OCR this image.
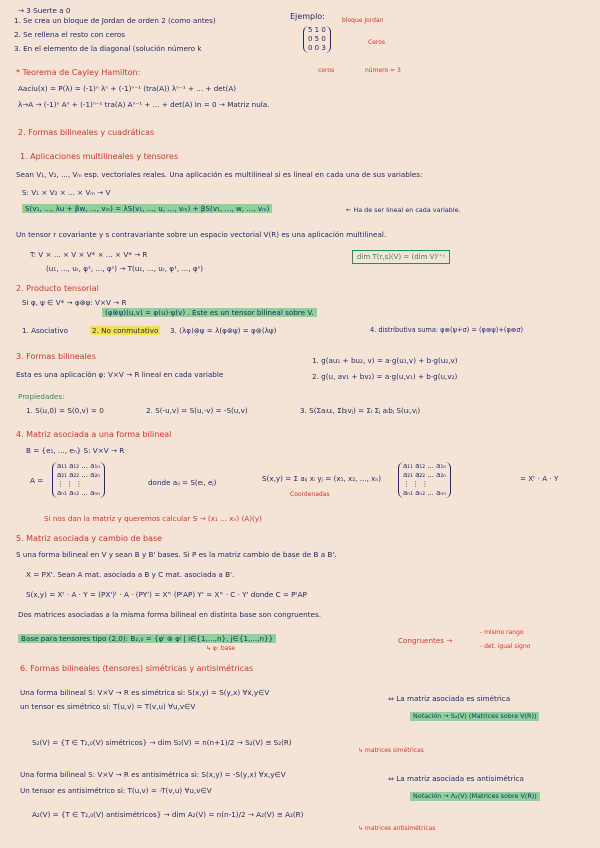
→ 3 Suerte a 0
1. Se crea un bloque de Jordan de orden 2 (como antes)
2. Se rellena el resto con ceros
3. En el elemento de la diagonal (solución número k
Ejemplo:
5 1 0
0 5 0
0 0 3
bloque Jordan
Ceros
número = 3
ceros
* Teorema de Cayley Hamilton:
Aaciu(x) = P(λ) = (-1)ⁿ λⁿ + (-1)ⁿ⁻¹ (tra(A)) λⁿ⁻¹ + ... + det(A)
λ→A → (-1)ⁿ Aⁿ + (-1)ⁿ⁻¹ tra(A) Aⁿ⁻¹ + ... + det(A) In = 0 → Matriz nula.
2. Formas bilineales y cuadráticas
1. Aplicaciones multilineales y tensores
Sean V₁, V₂, ..., Vₘ esp. vectoriales reales. Una aplicación es multilineal si es lineal en cada una de sus variables:
S: V₁ × V₂ × ... × Vₘ → V
S(v₁, ..., λu + βw, ..., vₘ) = λS(v₁, ..., u, ..., vₘ) + βS(v₁, ..., w, ..., vₘ)	← Ha de ser lineal en cada variable.
Un tensor r covariante y s contravariante sobre un espacio vectorial V(R) es una aplicación multilineal.
T: V × ... × V × V* × ... × V* → R
(u₁, ..., uᵣ, φ¹, ..., φˢ) → T(u₁, ..., uᵣ, φ¹, ..., φˢ)
dim T(r,s)(V) = (dim V)ʳ⁺ˢ
2. Producto tensorial
Si φ, ψ ∈ V* → φ⊗ψ: V×V → R
(φ⊗ψ)(u,v) = φ(u)·ψ(v) . Este es un tensor bilineal sobre V.
1. Asociativo	2. No conmutativo 3. (λφ)⊗ψ = λ(φ⊗ψ) = φ⊗(λψ)	4. distributiva suma: φ⊗(ψ+σ) = (φ⊗ψ)+(φ⊗σ)
3. Formas bilineales
Esta es una aplicación φ: V×V → R lineal en cada variable
1. g(au₁ + bu₂, v) = a·g(u₁,v) + b·g(u₂,v)
2. g(u, av₁ + bv₂) = a·g(u,v₁) + b·g(u,v₂)
Propiedades:
1. S(u,0) = S(0,v) = 0	2. S(-u,v) = S(u,-v) = -S(u,v)	3. S(Σaᵢuᵢ, Σbⱼvⱼ) = Σᵢ Σⱼ aᵢbⱼ S(uᵢ,vⱼ)
4. Matriz asociada a una forma bilineal
B = {e₁, ..., eₙ} S: V×V → R
A =
a₁₁ a₁₂ ... a₁ₙ
a₂₁ a₂₂ ... a₂ₙ
⋮ ⋮ ⋮
aₙ₁ aₙ₂ ... aₙₙ
donde aᵢⱼ = S(eᵢ, eⱼ)	S(x,y) = Σ aᵢⱼ xᵢ yⱼ = (x₁, x₂, ..., xₙ)
Coordenadas
a₁₁ a₁₂ ... a₁ₙ
a₂₁ a₂₂ ... a₂ₙ
⋮ ⋮ ⋮
aₙ₁ aₙ₂ ... aₙₙ
= Xᵗ · A · Y
Si nos dan la matriz y queremos calcular S → (x₁ ... xₙ) (A)(y)
5. Matriz asociada y cambio de base
S una forma bilineal en V y sean B y B' bases. Si P es la matriz cambio de base de B a B'.
X = PX'. Sean A mat. asociada a B y C mat. asociada a B'.
S(x,y) = Xᵗ · A · Y = (PX')ᵗ · A · (PY') = X'ᵗ (PᵗAP) Y' = X'ᵗ · C · Y' donde C = PᵗAP
Dos matrices asociadas a la misma forma bilineal en distinta base son congruentes.
Base para tensores tipo (2,0): B₂,₀ = {φⁱ ⊗ φʲ | i∈{1,...,n}, j∈{1,...,n}}
↳ φ: base
Congruentes →
- mismo rango
- det. igual signo
6. Formas bilineales (tensores) simétricas y antisimétricas
Una forma bilineal S: V×V → R es simétrica si: S(x,y) = S(y,x) ∀x,y∈V
un tensor es simétrico si: T(u,v) = T(v,u) ∀u,v∈V
⇔ La matriz asociada es simétrica
Notación → S₂(V) (Matrices sobre V(R))
S₂(V) = {T ∈ T₂,₀(V) simétricos} → dim S₂(V) = n(n+1)/2 → S₂(V) ≅ S₂(R)
↳ matrices simétricas
Una forma bilineal S: V×V → R es antisimétrica si: S(x,y) = -S(y,x) ∀x,y∈V
Un tensor es antisimétrico si: T(u,v) = -T(v,u) ∀u,v∈V
⇔ La matriz asociada es antisimétrica
Notación → Λ₂(V) (Matrices sobre V(R))
A₂(V) = {T ∈ T₂,₀(V) antisimétricos} → dim A₂(V) = n(n-1)/2 → A₂(V) ≅ A₂(R)
↳ matrices antisimétricas
